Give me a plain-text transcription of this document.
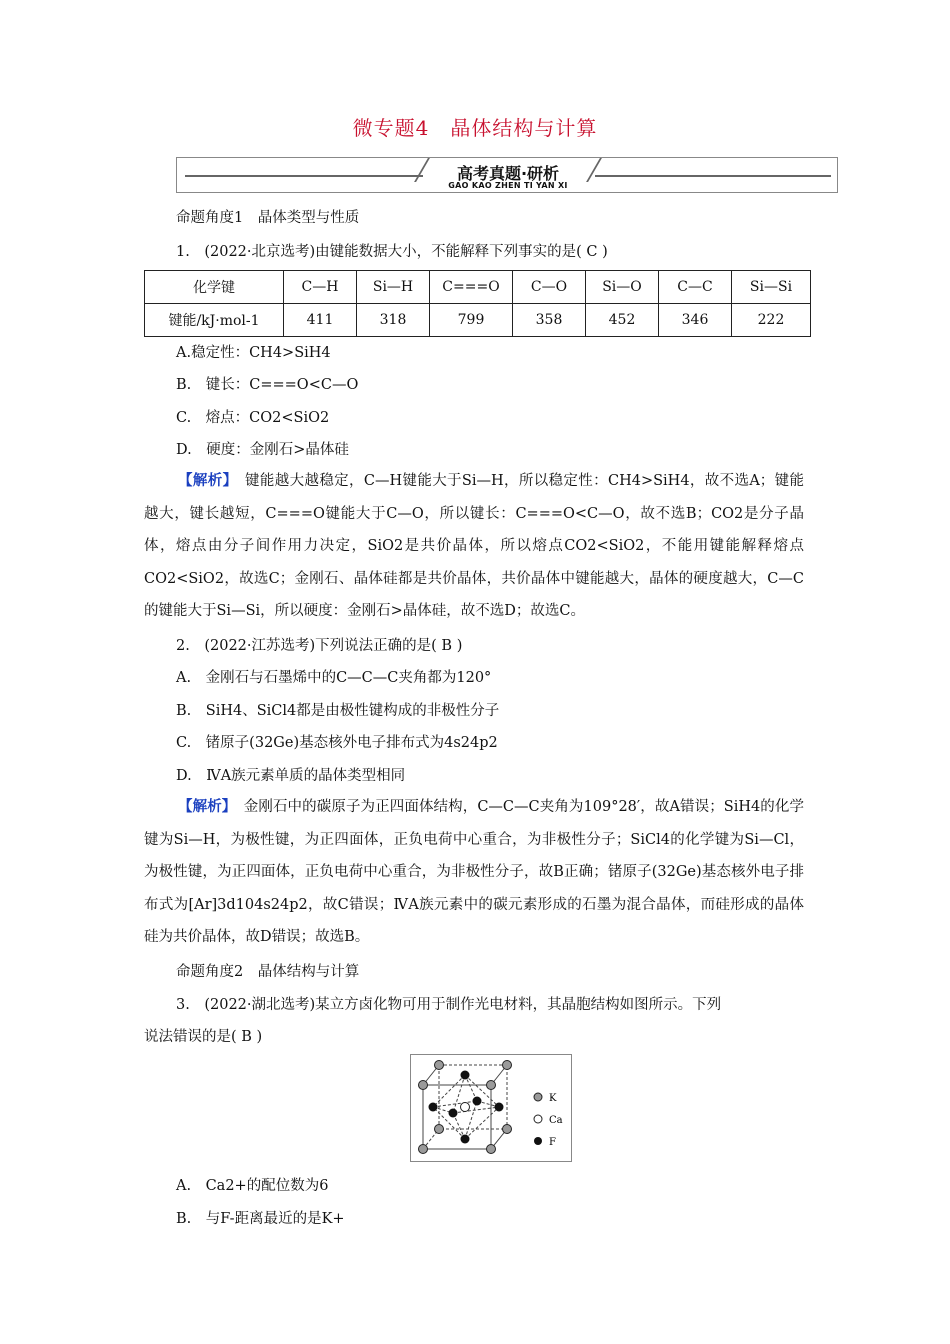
微专题4　晶体结构与计算
高考真题·研析
GAO KAO ZHEN TI YAN XI
命题角度1　晶体类型与性质
1.　(2022·北京选考)由键能数据大小，不能解释下列事实的是( C )
化学键	C—H	Si—H	C===O	C—O	Si—O	C—C	Si—Si
键能/kJ·mol-1	411	318	799	358	452	346	222
A.稳定性：CH4>SiH4
B.　键长：C===O<C—O
C.　熔点：CO2<SiO2
D.　硬度：金刚石>晶体硅
【解析】　键能越大越稳定，C—H键能大于Si—H，所以稳定性：CH4>SiH4，故不选A；键能越大，键长越短，C===O键能大于C—O，所以键长：C===O<C—O，故不选B；CO2是分子晶体，熔点由分子间作用力决定，SiO2是共价晶体，所以熔点CO2<SiO2，不能用键能解释熔点CO2<SiO2，故选C；金刚石、晶体硅都是共价晶体，共价晶体中键能越大，晶体的硬度越大，C—C的键能大于Si—Si，所以硬度：金刚石>晶体硅，故不选D；故选C。
2.　(2022·江苏选考)下列说法正确的是( B )
A.　金刚石与石墨烯中的C—C—C夹角都为120°
B.　SiH4、SiCl4都是由极性键构成的非极性分子
C.　锗原子(32Ge)基态核外电子排布式为4s24p2
D.　ⅣA族元素单质的晶体类型相同
【解析】　金刚石中的碳原子为正四面体结构，C—C—C夹角为109°28′，故A错误；SiH4的化学键为Si—H，为极性键，为正四面体，正负电荷中心重合，为非极性分子；SiCl4的化学键为Si—Cl，为极性键，为正四面体，正负电荷中心重合，为非极性分子，故B正确；锗原子(32Ge)基态核外电子排布式为[Ar]3d104s24p2，故C错误；ⅣA族元素中的碳元素形成的石墨为混合晶体，而硅形成的晶体硅为共价晶体，故D错误；故选B。
命题角度2　晶体结构与计算
3.　(2022·湖北选考)某立方卤化物可用于制作光电材料，其晶胞结构如图所示。下列
说法错误的是( B )
K
Ca
F
A.　Ca2+的配位数为6
B.　与F-距离最近的是K+
